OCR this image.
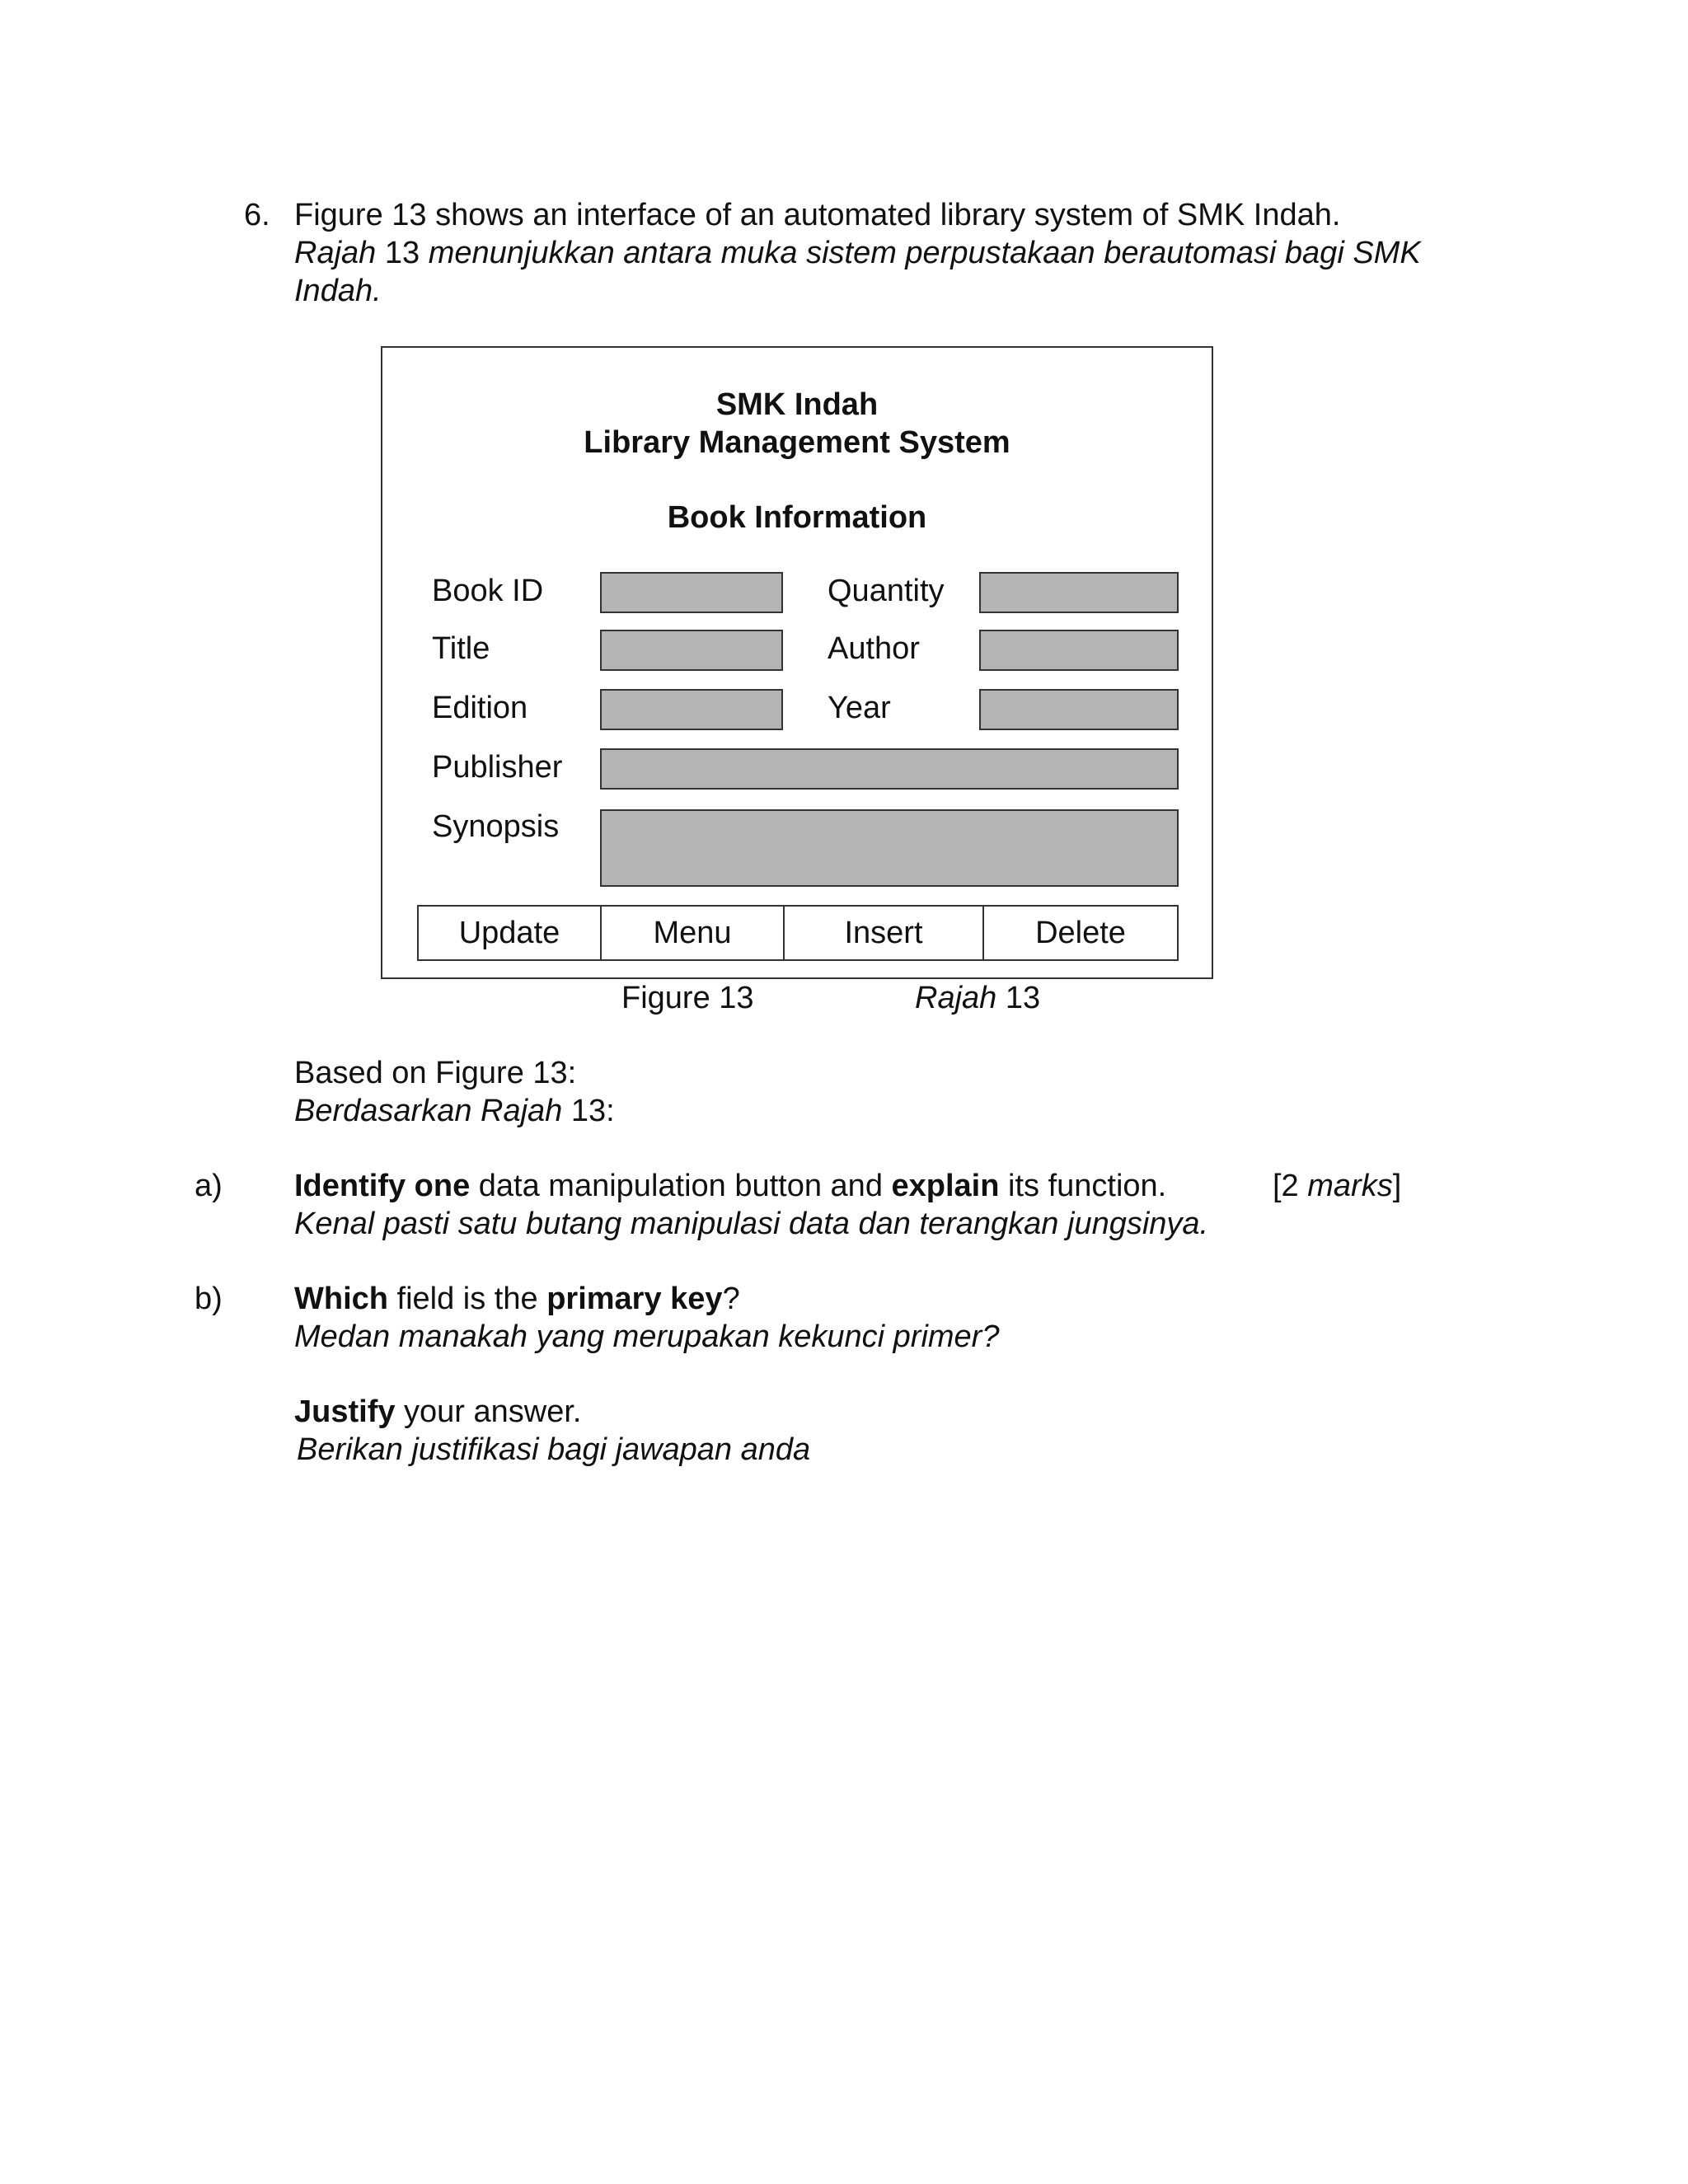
6. Figure 13 shows an interface of an automated library system of SMK Indah.
Rajah 13 menunjukkan antara muka sistem perpustakaan berautomasi bagi SMK
Indah.
SMK Indah
Library Management System
Book Information
Book ID	Quantity
Title	Author
Edition	Year
Publisher
Synopsis
Update	Menu	Insert	Delete
Figure 13	Rajah 13
Based on Figure 13:
Berdasarkan Rajah 13:
a) Identify one data manipulation button and explain its function.	[2 marks]
Kenal pasti satu butang manipulasi data dan terangkan jungsinya.
b) Which field is the primary key?
Medan manakah yang merupakan kekunci primer?
Justify your answer.
Berikan justifikasi bagi jawapan anda
